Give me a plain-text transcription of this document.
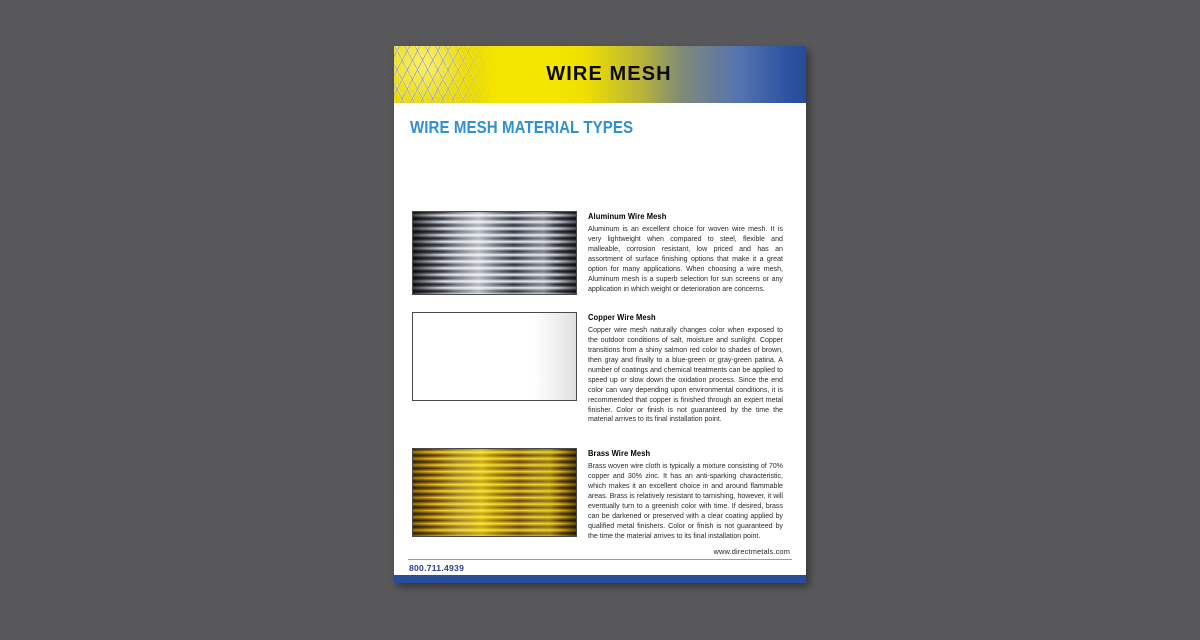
WIRE MESH
WIRE MESH MATERIAL TYPES
Aluminum Wire Mesh
Aluminum is an excellent choice for woven wire mesh. It is very lightweight when compared to steel, flexible and malleable, corrosion resistant, low priced and has an assortment of surface finishing options that make it a great option for many applications. When choosing a wire mesh, Aluminum mesh is a superb selection for sun screens or any application in which weight or deterioration are concerns.
Copper Wire Mesh
Copper wire mesh naturally changes color when exposed to the outdoor conditions of salt, moisture and sunlight. Copper transitions from a shiny salmon red color to shades of brown, then gray and finally to a blue-green or gray-green patina. A number of coatings and chemical treatments can be applied to speed up or slow down the oxidation process. Since the end color can vary depending upon environmental conditions, it is recommended that copper is finished through an expert metal finisher. Color or finish is not guaranteed by the time the material arrives to its final installation point.
Brass Wire Mesh
Brass woven wire cloth is typically a mixture consisting of 70% copper and 30% zinc. It has an anti-sparking characteristic, which makes it an excellent choice in and around flammable areas. Brass is relatively resistant to tarnishing, however, it will eventually turn to a greenish color with time. If desired, brass can be darkened or preserved with a clear coating applied by qualified metal finishers. Color or finish is not guaranteed by the time the material arrives to its final installation point.
www.directmetals.com
800.711.4939
